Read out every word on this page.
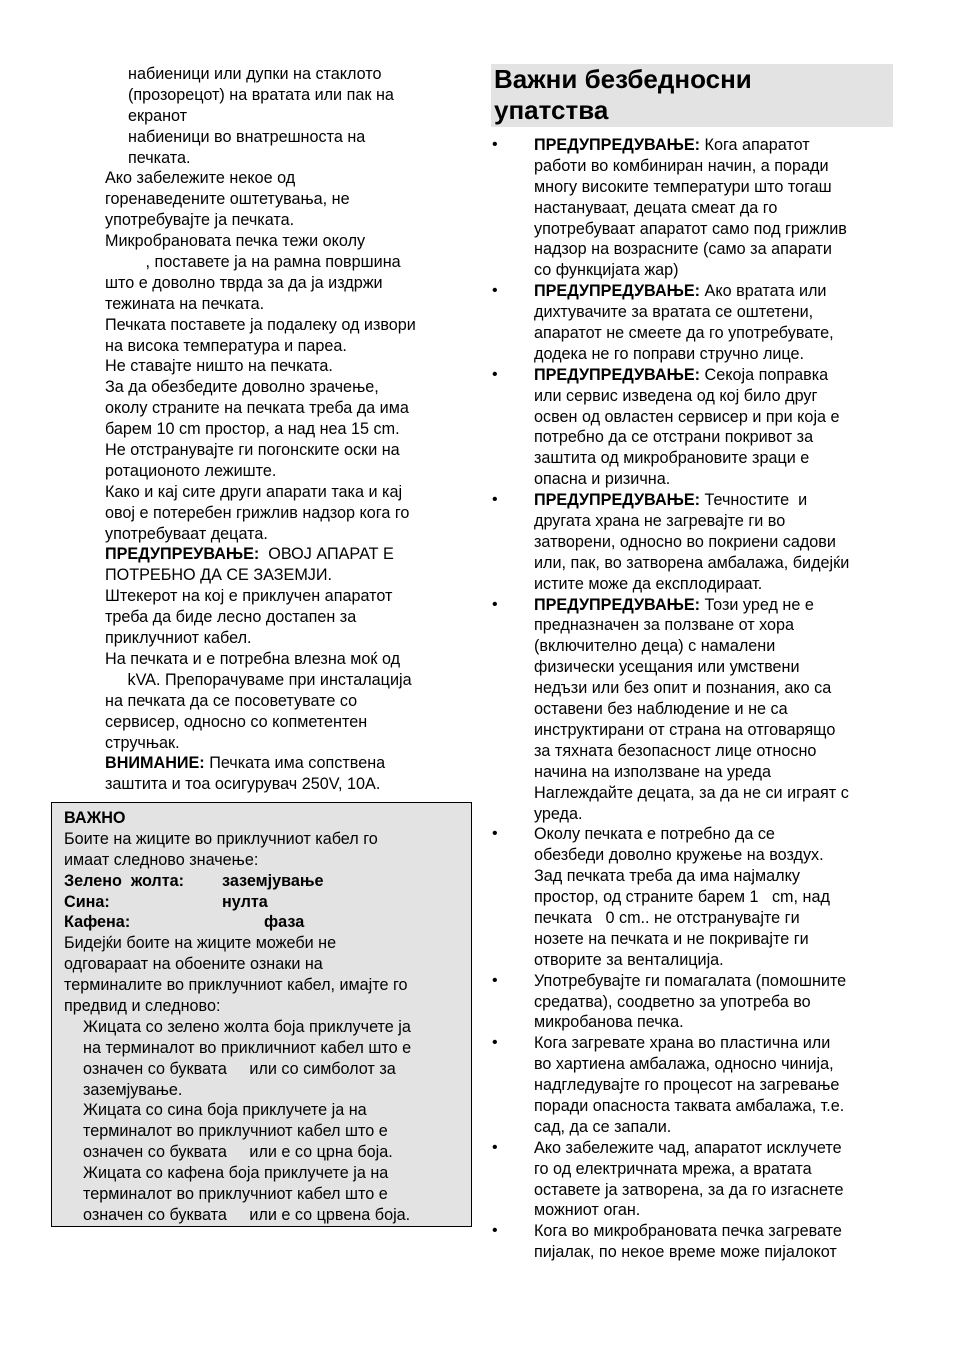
набиеници или дупки на стаклото
(прозорецот) на вратата или пак на
екранот
набиеници во внатрешноста на
печката.
Ако забележите некое од
горенаведените оштетувања, не
употребувајте ја печката.
Микробрановата печка тежи околу
, поставете ја на рамна површина
што е доволно тврда за да ја издржи
тежината на печката.
Печката поставете ја подалеку од извори
на висока температура и пареа.
Не ставајте ништо на печката.
За да обезбедите доволно зрачење,
околу страните на печката треба да има
барем 10 cm простор, а над неа 15 cm.
Не отстранувајте ги погонските оски на
ротационото лежиште.
Како и кај сите други апарати така и кај
овој е потеребен грижлив надзор кога го
употребуваат децата.
ПРЕДУПРЕУВАЊЕ:  ОВОЈ АПАРАТ Е
ПОТРЕБНО ДА СЕ ЗАЗЕМЈИ.
Штекерот на кој е приклучен апаратот
треба да биде лесно достапен за
приклучниот кабел.
На печката и е потребна влезна моќ од
kVA. Препорачуваме при инсталација
на печката да се посоветувате со
сервисер, односно со копметентен
стручњак.
ВНИМАНИЕ: Печката има сопствена
заштита и тоа осигурувач 250V, 10A.
ВАЖНО
Боите на жиците во приклучниот кабел го
имаат следново значење:
Зелено  жолта: заземјување
Сина:	нулта
Кафена:	фаза
Бидејќи боите на жиците можеби не
одговараат на обоените ознаки на
терминалите во приклучниот кабел, имајте го
предвид и следново:
Жицата со зелено жолта боја приклучете ја
на терминалот во прикличниот кабел што е
означен со буквата     или со симболот за
заземјување.
Жицата со сина боја приклучете ја на
терминалот во приклучниот кабел што е
означен со буквата     или е со црна боја.
Жицата со кафена боја приклучете ја на
терминалот во приклучниот кабел што е
означен со буквата     или е со црвена боја.
Важни безбедносни
упатства
• ПРЕДУПРЕДУВАЊЕ: Кога апаратот
работи во комбиниран начин, а поради
многу високите температури што тогаш
настануваат, децата смеат да го
употребуваат апаратот само под грижлив
надзор на возрасните (само за апарати
со функцијата жар)
• ПРЕДУПРЕДУВАЊЕ: Ако вратата или
дихтувачите за вратата се оштетени,
апаратот не смеете да го употребувате,
додека не го поправи стручно лице.
• ПРЕДУПРЕДУВАЊЕ: Секоја поправка
или сервис изведена од кој било друг
освен од овластен сервисер и при која е
потребно да се отстрани покривот за
заштита од микробрановите зраци е
опасна и ризична.
• ПРЕДУПРЕДУВАЊЕ: Течностите  и
другата храна не загревајте ги во
затворени, односно во покриени садови
или, пак, во затворена амбалажа, бидејќи
истите може да експлодираат.
• ПРЕДУПРЕДУВАЊЕ: Този уред не е
предназначен за ползване от хора
(включително деца) с намалени
физически усещания или умствени
недъзи или без опит и познания, ако са
оставени без наблюдение и не са
инструктирани от страна на отговарящо
за тяхната безопасност лице относно
начина на използване на уреда
Наглеждайте децата, за да не си играят с
уреда.
• Околу печката е потребно да се
обезбеди доволно кружење на воздух.
Зад печката треба да има најмалку
простор, од страните барем 1   cm, над
печката   0 cm.. не отстранувајте ги
нозете на печката и не покривајте ги
отворите за венталиција.
• Употребувајте ги помагалата (помошните
средатва), соодветно за употреба во
микробанова печка.
• Кога загревате храна во пластична или
во хартиена амбалажа, односно чинија,
надгледувајте го процесот на загревање
поради опасноста таквата амбалажа, т.е.
сад, да се запали.
• Ако забележите чад, апаратот исклучете
го од електричната мрежа, а вратата
оставете ја затворена, за да го изгаснете
можниот оган.
• Кога во микробрановата печка загревате
пијалак, по некое време може пијалокот
